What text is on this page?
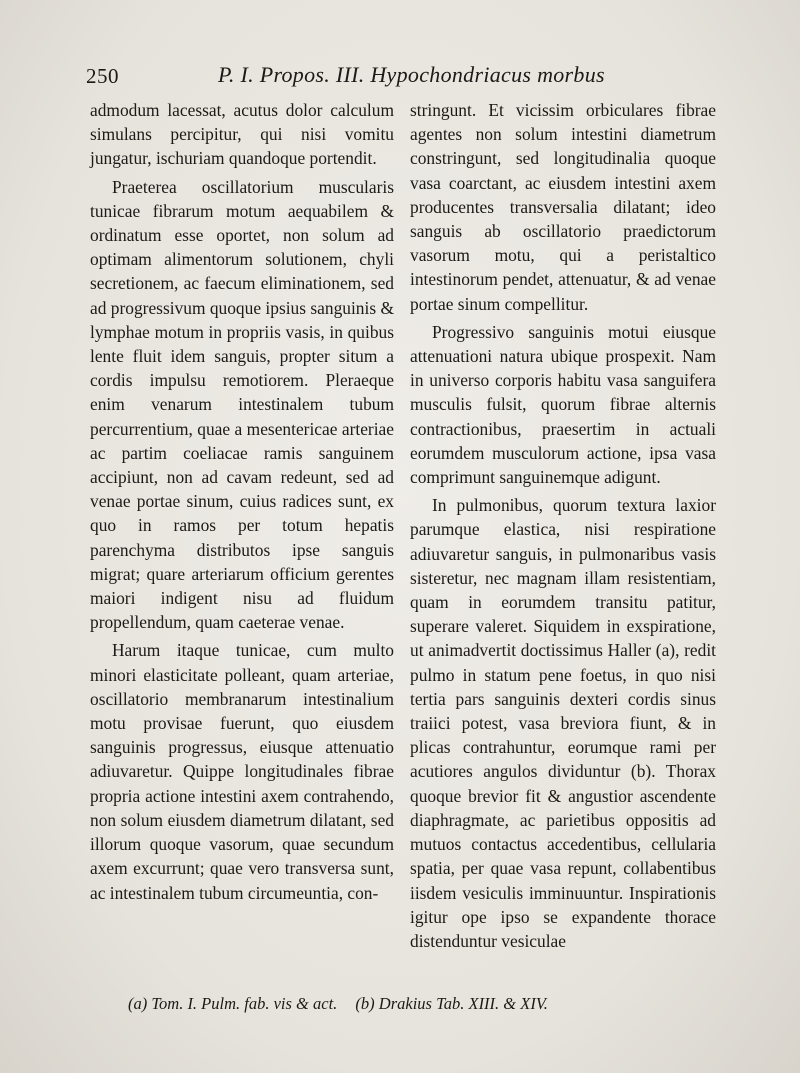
250	P. I. Propos. III. Hypochondriacus morbus

admodum lacessat, acutus dolor calculum simulans percipitur, qui nisi vomitu jungatur, ischuriam quandoque portendit.

Praeterea oscillatorium muscularis tunicae fibrarum motum aequabilem & ordinatum esse oportet, non solum ad optimam alimentorum solutionem, chyli secretionem, ac faecum eliminationem, sed ad progressivum quoque ipsius sanguinis & lymphae motum in propriis vasis, in quibus lente fluit idem sanguis, propter situm a cordis impulsu remotiorem. Pleraeque enim venarum intestinalem tubum percurrentium, quae a mesentericae arteriae ac partim coeliacae ramis sanguinem accipiunt, non ad cavam redeunt, sed ad venae portae sinum, cuius radices sunt, ex quo in ramos per totum hepatis parenchyma distributos ipse sanguis migrat; quare arteriarum officium gerentes maiori indigent nisu ad fluidum propellendum, quam caeterae venae.

Harum itaque tunicae, cum multo minori elasticitate polleant, quam arteriae, oscillatorio membranarum intestinalium motu provisae fuerunt, quo eiusdem sanguinis progressus, eiusque attenuatio adiuvaretur. Quippe longitudinales fibrae propria actione intestini axem contrahendo, non solum eiusdem diametrum dilatant, sed illorum quoque vasorum, quae secundum axem excurrunt; quae vero transversa sunt, ac intestinalem tubum circumeuntia, con-

stringunt. Et vicissim orbiculares fibrae agentes non solum intestini diametrum constringunt, sed longitudinalia quoque vasa coarctant, ac eiusdem intestini axem producentes transversalia dilatant; ideo sanguis ab oscillatorio praedictorum vasorum motu, qui a peristaltico intestinorum pendet, attenuatur, & ad venae portae sinum compellitur.

Progressivo sanguinis motui eiusque attenuationi natura ubique prospexit. Nam in universo corporis habitu vasa sanguifera musculis fulsit, quorum fibrae alternis contractionibus, praesertim in actuali eorumdem musculorum actione, ipsa vasa comprimunt sanguinemque adigunt.

In pulmonibus, quorum textura laxior parumque elastica, nisi respiratione adiuvaretur sanguis, in pulmonaribus vasis sisteretur, nec magnam illam resistentiam, quam in eorumdem transitu patitur, superare valeret. Siquidem in exspiratione, ut animadvertit doctissimus Haller (a), redit pulmo in statum pene foetus, in quo nisi tertia pars sanguinis dexteri cordis sinus traiici potest, vasa breviora fiunt, & in plicas contrahuntur, eorumque rami per acutiores angulos dividuntur (b). Thorax quoque brevior fit & angustior ascendente diaphragmate, ac parietibus oppositis ad mutuos contactus accedentibus, cellularia spatia, per quae vasa repunt, collabentibus iisdem vesiculis imminuuntur. Inspirationis igitur ope ipso se expandente thorace distenduntur vesiculae

(a) Tom. I. Pulm. fab. vis & act. (b) Drakius Tab. XIII. & XIV.
